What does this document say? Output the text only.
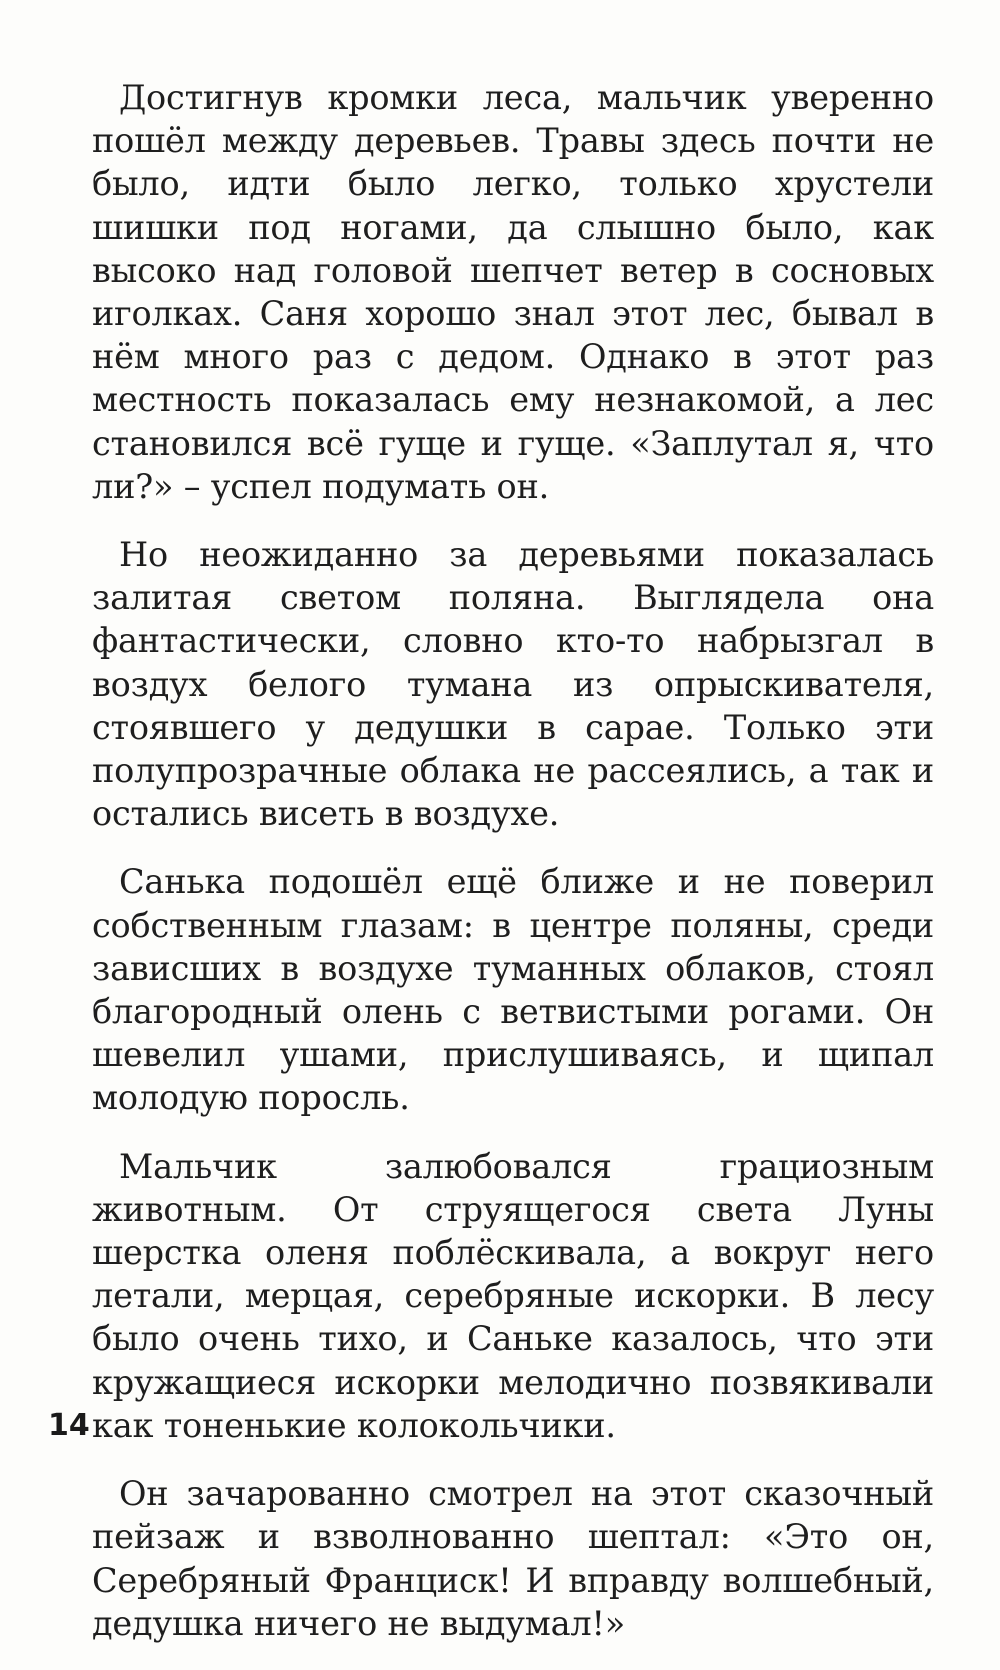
Достигнув кромки леса, мальчик уверенно пошёл между деревьев. Травы здесь почти не было, идти было легко, только хрустели шишки под ногами, да слышно было, как высоко над головой шепчет ветер в сосновых иголках. Саня хорошо знал этот лес, бывал в нём много раз с дедом. Однако в этот раз местность показалась ему незнакомой, а лес становился всё гуще и гуще. «Заплутал я, что ли?» – успел подумать он.

Но неожиданно за деревьями показалась залитая светом поляна. Выглядела она фантастически, словно кто-то набрызгал в воздух белого тумана из опрыскивателя, стоявшего у дедушки в сарае. Только эти полупрозрачные облака не рассеялись, а так и остались висеть в воздухе.

Санька подошёл ещё ближе и не поверил собственным глазам: в центре поляны, среди зависших в воздухе туманных облаков, стоял благородный олень с ветвистыми рогами. Он шевелил ушами, прислушиваясь, и щипал молодую поросль.

Мальчик залюбовался грациозным животным. От струящегося света Луны шерстка оленя поблёскивала, а вокруг него летали, мерцая, серебряные искорки. В лесу было очень тихо, и Саньке казалось, что эти кружащиеся искорки мелодично позвякивали как тоненькие колокольчики.

Он зачарованно смотрел на этот сказочный пейзаж и взволнованно шептал: «Это он, Серебряный Франциск! И вправду волшебный, дедушка ничего не выдумал!»

14
